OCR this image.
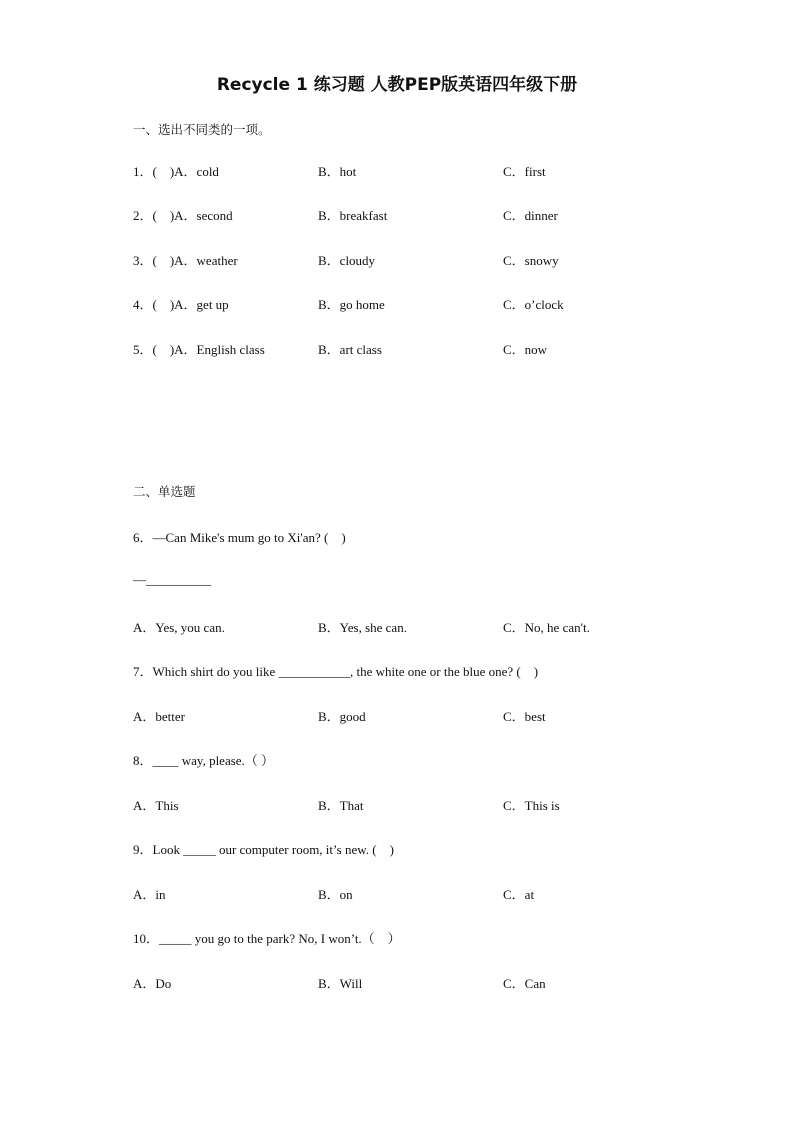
Recycle 1 练习题 人教PEP版英语四年级下册
一、选出不同类的一项。
1．(　)A．cold	B．hot	C．first
2．(　)A．second	B．breakfast	C．dinner
3．(　)A．weather	B．cloudy	C．snowy
4．(　)A．get up	B．go home	C．o’clock
5．(　)A．English class	B．art class	C．now
二、单选题
6．—Can Mike's mum go to Xi'an? (　)
—__________
A．Yes, you can.	B．Yes, she can.	C．No, he can't.
7．Which shirt do you like ___________, the white one or the blue one? (　)
A．better	B．good	C．best
8．____ way, please.（ ）
A．This	B．That	C．This is
9．Look _____ our computer room, it’s new. (　)
A．in	B．on	C．at
10．_____ you go to the park? No, I won’t.（　）
A．Do	B．Will	C．Can
